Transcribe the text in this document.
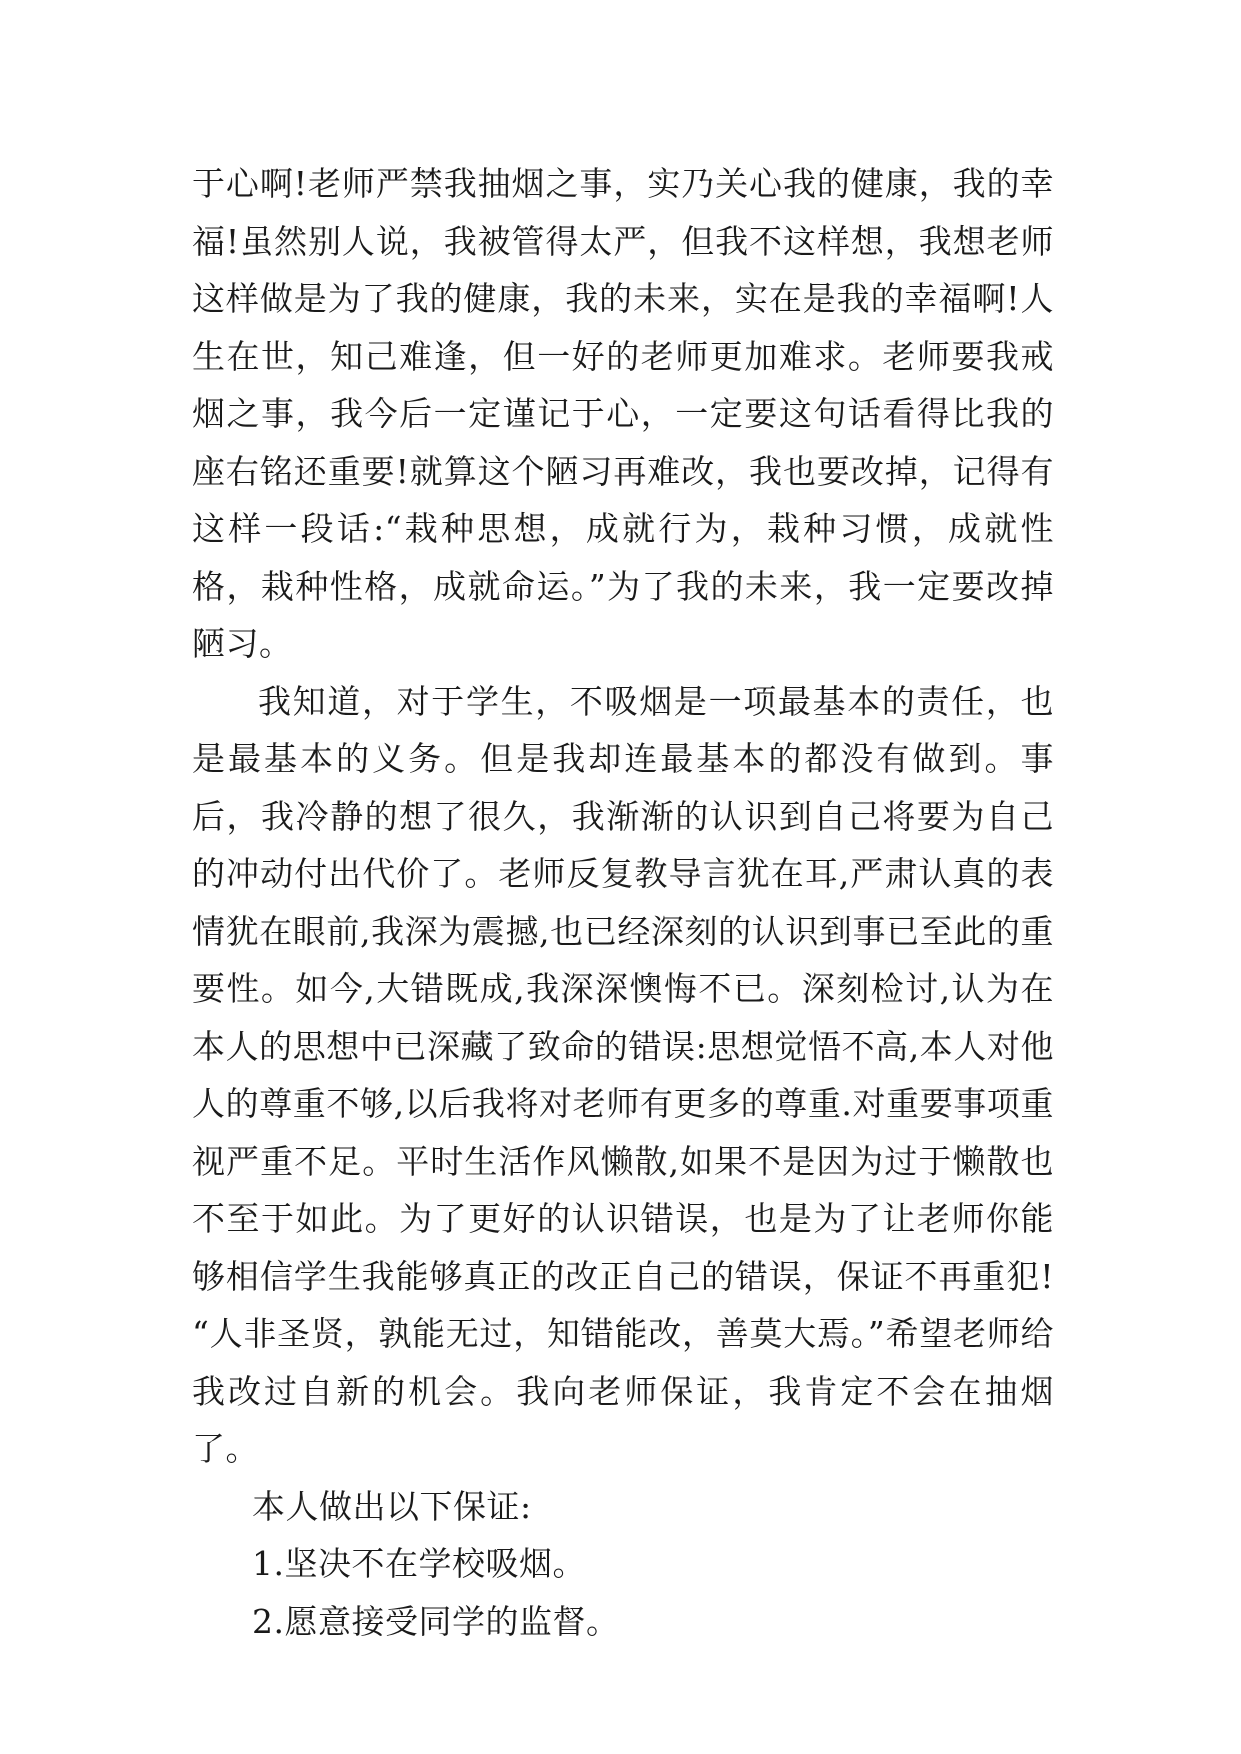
于心啊!老师严禁我抽烟之事，实乃关心我的健康，我的幸福!虽然别人说，我被管得太严，但我不这样想，我想老师这样做是为了我的健康，我的未来，实在是我的幸福啊!人生在世，知己难逢，但一好的老师更加难求。老师要我戒烟之事，我今后一定谨记于心，一定要这句话看得比我的座右铭还重要!就算这个陋习再难改，我也要改掉，记得有这样一段话:“栽种思想，成就行为，栽种习惯，成就性格，栽种性格，成就命运。”为了我的未来，我一定要改掉陋习。

我知道，对于学生，不吸烟是一项最基本的责任，也是最基本的义务。但是我却连最基本的都没有做到。事后，我冷静的想了很久，我渐渐的认识到自己将要为自己的冲动付出代价了。老师反复教导言犹在耳,严肃认真的表情犹在眼前,我深为震撼,也已经深刻的认识到事已至此的重要性。如今,大错既成,我深深懊悔不已。深刻检讨,认为在本人的思想中已深藏了致命的错误:思想觉悟不高,本人对他人的尊重不够,以后我将对老师有更多的尊重.对重要事项重视严重不足。平时生活作风懒散,如果不是因为过于懒散也不至于如此。为了更好的认识错误，也是为了让老师你能够相信学生我能够真正的改正自己的错误，保证不再重犯! “人非圣贤，孰能无过，知错能改，善莫大焉。”希望老师给我改过自新的机会。我向老师保证，我肯定不会在抽烟了。

本人做出以下保证:

1.坚决不在学校吸烟。

2.愿意接受同学的监督。
